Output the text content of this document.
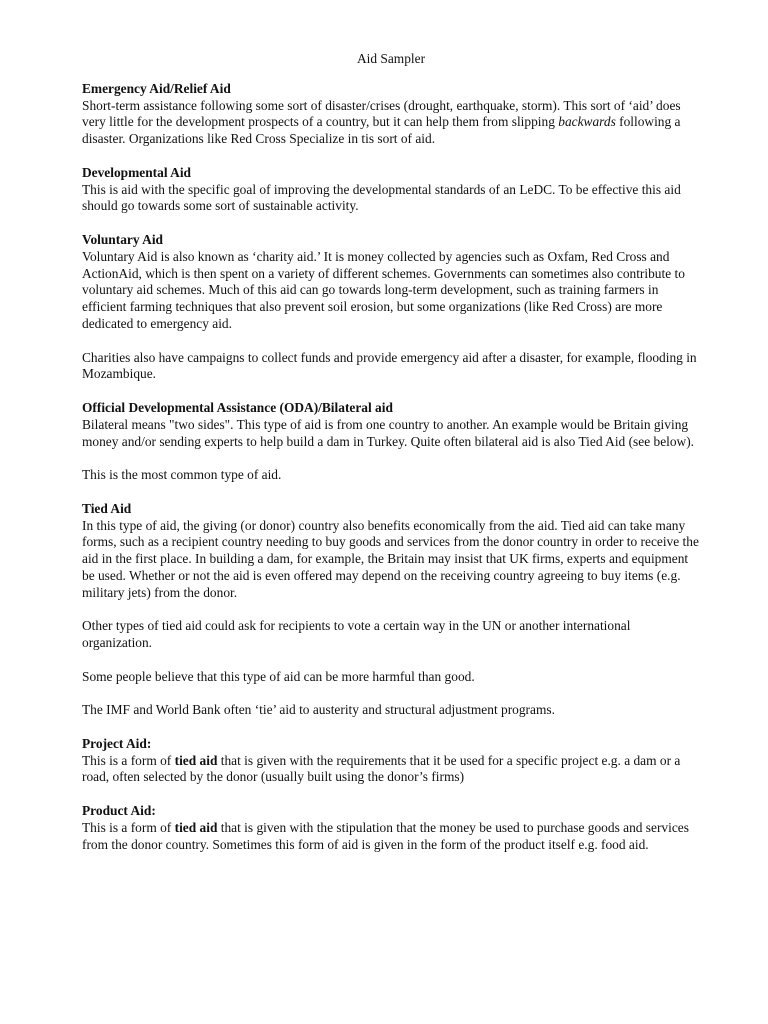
Aid Sampler
Emergency Aid/Relief Aid

Short-term assistance following some sort of disaster/crises (drought, earthquake, storm). This sort of ‘aid’ does very little for the development prospects of a country, but it can help them from slipping backwards following a disaster. Organizations like Red Cross Specialize in tis sort of aid.

Developmental Aid

This is aid with the specific goal of improving the developmental standards of an LeDC. To be effective this aid should go towards some sort of sustainable activity.

Voluntary Aid

Voluntary Aid is also known as ‘charity aid.’ It is money collected by agencies such as Oxfam, Red Cross and ActionAid, which is then spent on a variety of different schemes. Governments can sometimes also contribute to voluntary aid schemes. Much of this aid can go towards long-term development, such as training farmers in efficient farming techniques that also prevent soil erosion, but some organizations (like Red Cross) are more dedicated to emergency aid.

Charities also have campaigns to collect funds and provide emergency aid after a disaster, for example, flooding in Mozambique.

Official Developmental Assistance (ODA)/Bilateral aid

Bilateral means "two sides". This type of aid is from one country to another. An example would be Britain giving money and/or sending experts to help build a dam in Turkey. Quite often bilateral aid is also Tied Aid (see below).

This is the most common type of aid.

Tied Aid

In this type of aid, the giving (or donor) country also benefits economically from the aid. Tied aid can take many forms, such as a recipient country needing to buy goods and services from the donor country in order to receive the aid in the first place. In building a dam, for example, the Britain may insist that UK firms, experts and equipment be used. Whether or not the aid is even offered may depend on the receiving country agreeing to buy items (e.g. military jets) from the donor.

Other types of tied aid could ask for recipients to vote a certain way in the UN or another international organization.

Some people believe that this type of aid can be more harmful than good.

The IMF and World Bank often ‘tie’ aid to austerity and structural adjustment programs.

Project Aid:

This is a form of tied aid that is given with the requirements that it be used for a specific project e.g. a dam or a road, often selected by the donor (usually built using the donor’s firms)

Product Aid:

This is a form of tied aid that is given with the stipulation that the money be used to purchase goods and services from the donor country. Sometimes this form of aid is given in the form of the product itself e.g. food aid.
